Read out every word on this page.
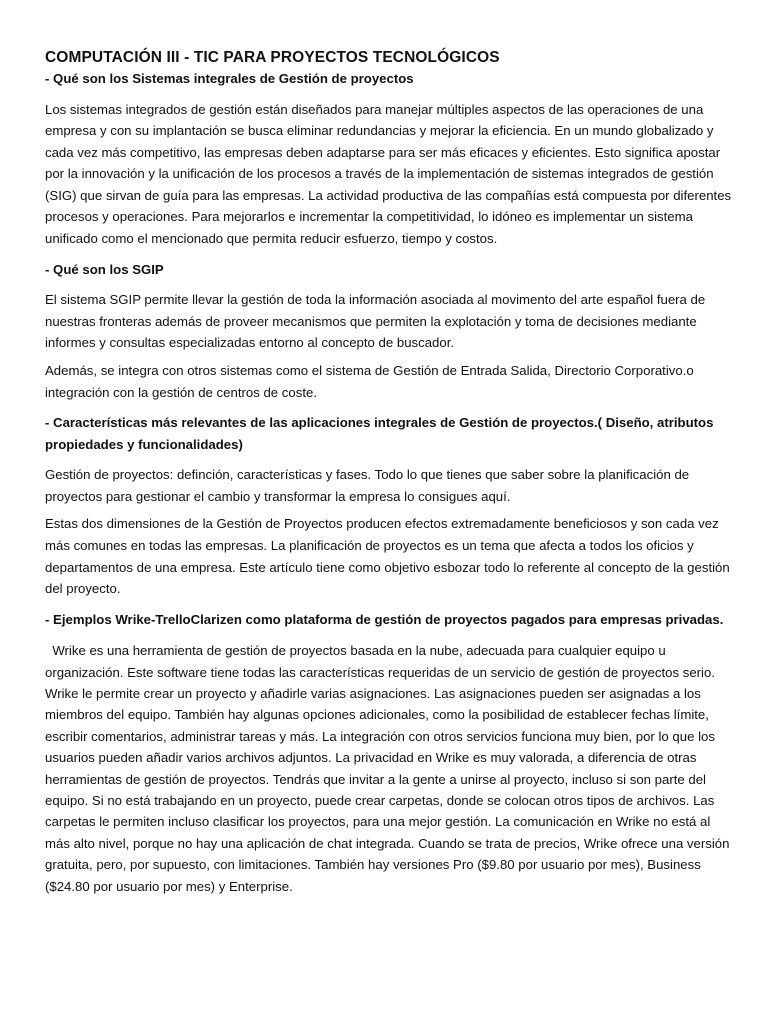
COMPUTACIÓN III - TIC PARA PROYECTOS TECNOLÓGICOS
- Qué son los Sistemas integrales de Gestión de proyectos

Los sistemas integrados de gestión están diseñados para manejar múltiples aspectos de las operaciones de una empresa y con su implantación se busca eliminar redundancias y mejorar la eficiencia. En un mundo globalizado y cada vez más competitivo, las empresas deben adaptarse para ser más eficaces y eficientes. Esto significa apostar por la innovación y la unificación de los procesos a través de la implementación de sistemas integrados de gestión (SIG) que sirvan de guía para las empresas. La actividad productiva de las compañías está compuesta por diferentes procesos y operaciones. Para mejorarlos e incrementar la competitividad, lo idóneo es implementar un sistema unificado como el mencionado que permita reducir esfuerzo, tiempo y costos.

- Qué son los SGIP

El sistema SGIP permite llevar la gestión de toda la información asociada al movimento del arte español fuera de nuestras fronteras además de proveer mecanismos que permiten la explotación y toma de decisiones mediante informes y consultas especializadas entorno al concepto de buscador.

Además, se integra con otros sistemas como el sistema de Gestión de Entrada Salida, Directorio Corporativo.o integración con la gestión de centros de coste.

- Características más relevantes de las aplicaciones integrales de Gestión de proyectos.( Diseño, atributos propiedades y funcionalidades)

Gestión de proyectos: definción, características y fases. Todo lo que tienes que saber sobre la planificación de proyectos para gestionar el cambio y transformar la empresa lo consigues aquí.

Estas dos dimensiones de la Gestión de Proyectos producen efectos extremadamente beneficiosos y son cada vez más comunes en todas las empresas. La planificación de proyectos es un tema que afecta a todos los oficios y departamentos de una empresa. Este artículo tiene como objetivo esbozar todo lo referente al concepto de la gestión del proyecto.

- Ejemplos Wrike-TrelloClarizen como plataforma de gestión de proyectos pagados para empresas privadas.

Wrike es una herramienta de gestión de proyectos basada en la nube, adecuada para cualquier equipo u organización. Este software tiene todas las características requeridas de un servicio de gestión de proyectos serio. Wrike le permite crear un proyecto y añadirle varias asignaciones. Las asignaciones pueden ser asignadas a los miembros del equipo. También hay algunas opciones adicionales, como la posibilidad de establecer fechas límite, escribir comentarios, administrar tareas y más. La integración con otros servicios funciona muy bien, por lo que los usuarios pueden añadir varios archivos adjuntos. La privacidad en Wrike es muy valorada, a diferencia de otras herramientas de gestión de proyectos. Tendrás que invitar a la gente a unirse al proyecto, incluso si son parte del equipo. Si no está trabajando en un proyecto, puede crear carpetas, donde se colocan otros tipos de archivos. Las carpetas le permiten incluso clasificar los proyectos, para una mejor gestión. La comunicación en Wrike no está al más alto nivel, porque no hay una aplicación de chat integrada. Cuando se trata de precios, Wrike ofrece una versión gratuita, pero, por supuesto, con limitaciones. También hay versiones Pro ($9.80 por usuario por mes), Business ($24.80 por usuario por mes) y Enterprise.
